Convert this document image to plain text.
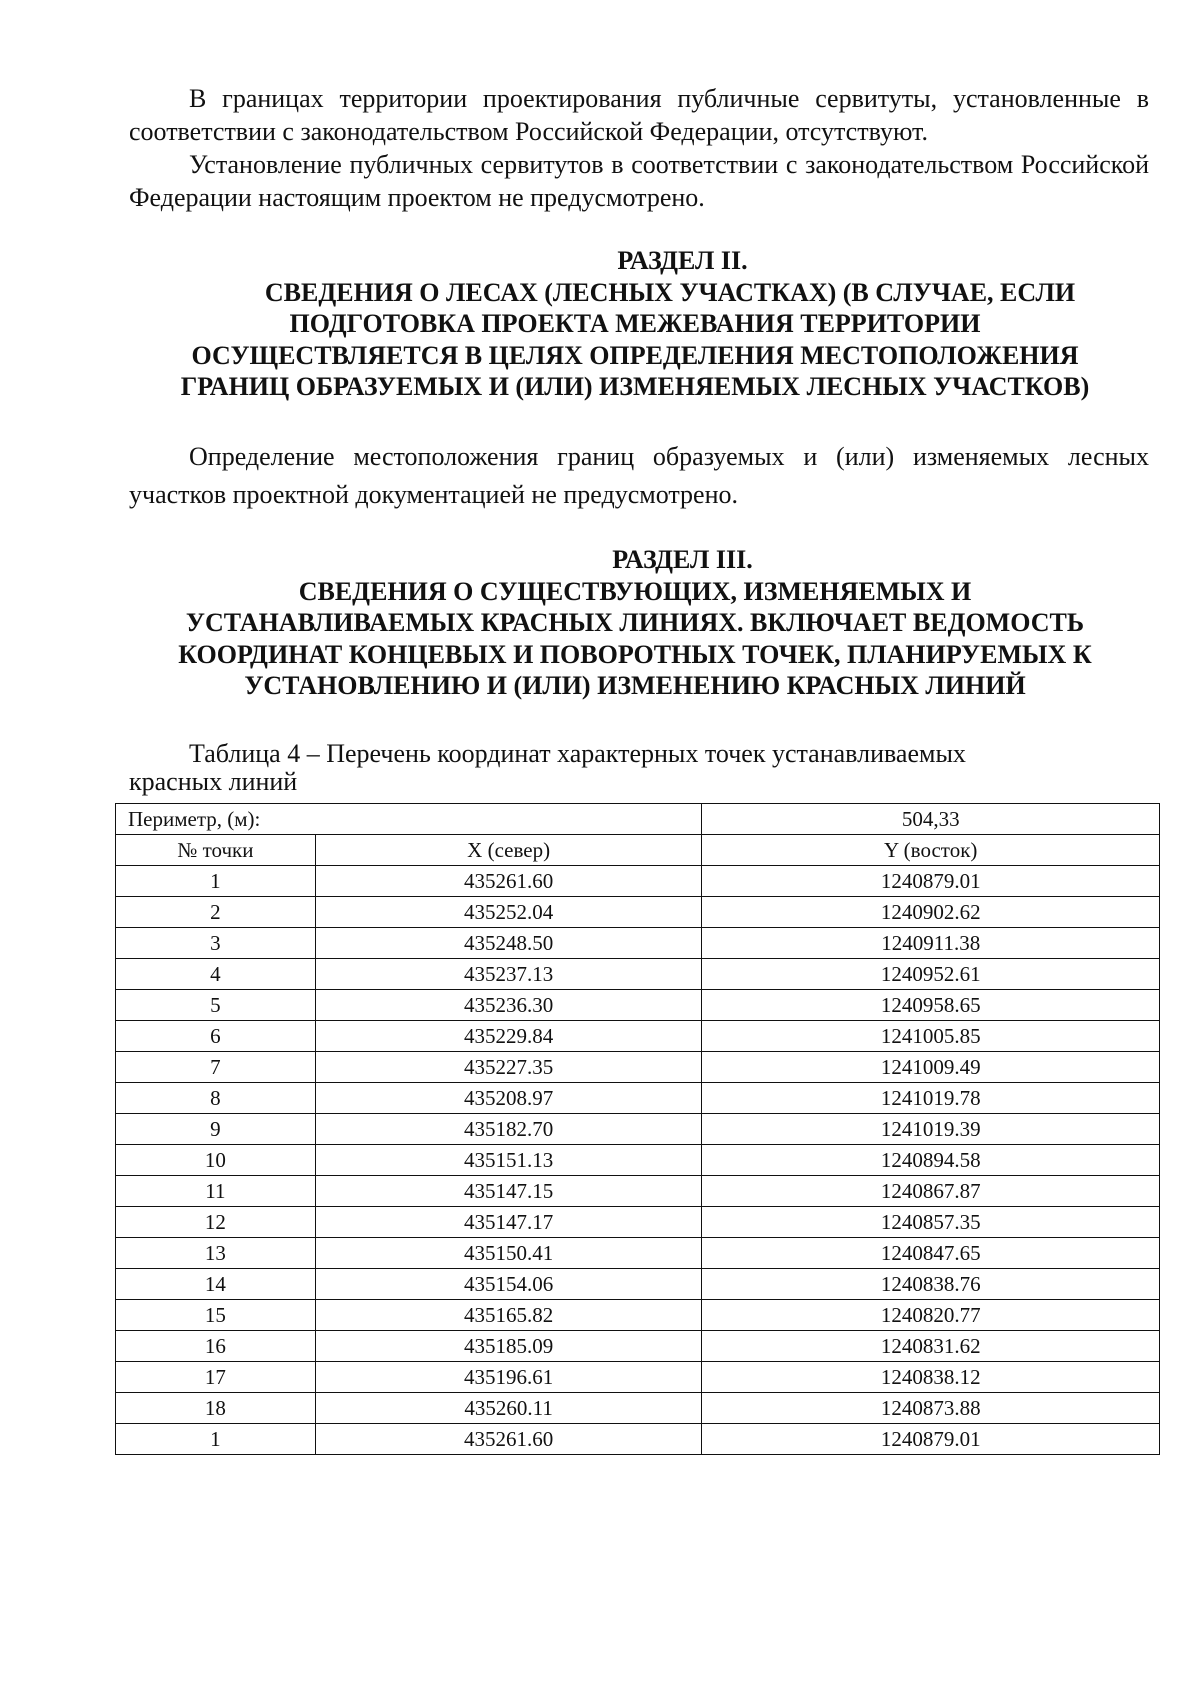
В границах территории проектирования публичные сервитуты, установленные в соответствии с законодательством Российской Федерации, отсутствуют.

Установление публичных сервитутов в соответствии с законодательством Российской Федерации настоящим проектом не предусмотрено.

РАЗДЕЛ II.
СВЕДЕНИЯ О ЛЕСАХ (ЛЕСНЫХ УЧАСТКАХ) (В СЛУЧАЕ, ЕСЛИ
ПОДГОТОВКА ПРОЕКТА МЕЖЕВАНИЯ ТЕРРИТОРИИ
ОСУЩЕСТВЛЯЕТСЯ В ЦЕЛЯХ ОПРЕДЕЛЕНИЯ МЕСТОПОЛОЖЕНИЯ
ГРАНИЦ ОБРАЗУЕМЫХ И (ИЛИ) ИЗМЕНЯЕМЫХ ЛЕСНЫХ УЧАСТКОВ)

Определение местоположения границ образуемых и (или) изменяемых лесных участков проектной документацией не предусмотрено.

РАЗДЕЛ III.
СВЕДЕНИЯ О СУЩЕСТВУЮЩИХ, ИЗМЕНЯЕМЫХ И
УСТАНАВЛИВАЕМЫХ КРАСНЫХ ЛИНИЯХ. ВКЛЮЧАЕТ ВЕДОМОСТЬ
КООРДИНАТ КОНЦЕВЫХ И ПОВОРОТНЫХ ТОЧЕК, ПЛАНИРУЕМЫХ К
УСТАНОВЛЕНИЮ И (ИЛИ) ИЗМЕНЕНИЮ КРАСНЫХ ЛИНИЙ
Таблица 4 – Перечень координат характерных точек устанавливаемых
красных линий
Периметр, (м):		504,33
№ точки	X (север)	Y (восток)
1	435261.60	1240879.01
2	435252.04	1240902.62
3	435248.50	1240911.38
4	435237.13	1240952.61
5	435236.30	1240958.65
6	435229.84	1241005.85
7	435227.35	1241009.49
8	435208.97	1241019.78
9	435182.70	1241019.39
10	435151.13	1240894.58
11	435147.15	1240867.87
12	435147.17	1240857.35
13	435150.41	1240847.65
14	435154.06	1240838.76
15	435165.82	1240820.77
16	435185.09	1240831.62
17	435196.61	1240838.12
18	435260.11	1240873.88
1	435261.60	1240879.01
